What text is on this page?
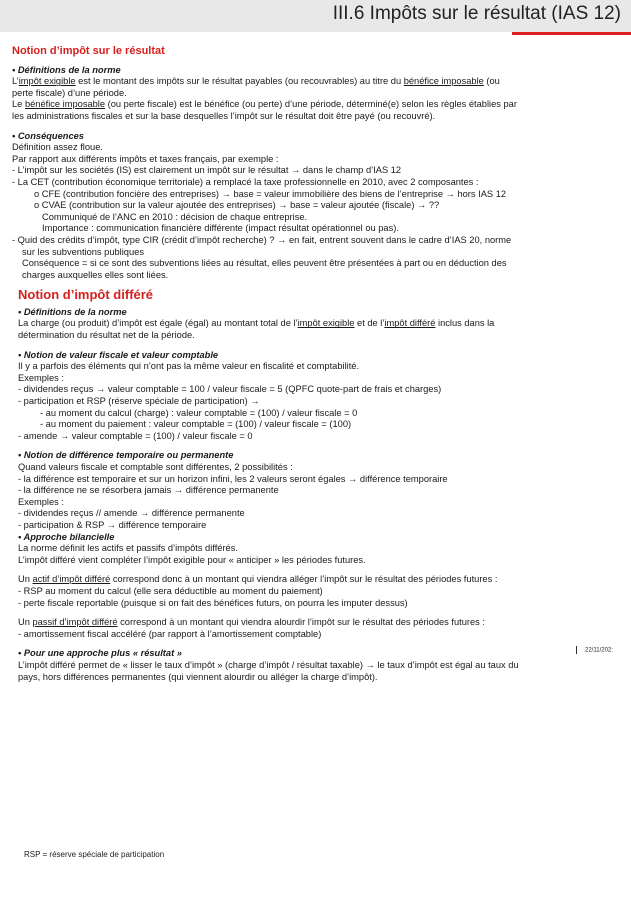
III.6 Impôts sur le résultat (IAS 12)
Notion d’impôt sur le résultat
• Définitions de la norme
L’impôt exigible est le montant des impôts sur le résultat payables (ou recouvrables) au titre du bénéfice imposable (ou
perte fiscale) d’une période.
Le bénéfice imposable (ou perte fiscale) est le bénéfice (ou perte) d’une période, déterminé(e) selon les règles établies par
les administrations fiscales et sur la base desquelles l’impôt sur le résultat doit être payé (ou recouvré).
• Conséquences
Définition assez floue.
Par rapport aux différents impôts et taxes français, par exemple :
- L’impôt sur les sociétés (IS) est clairement un impôt sur le résultat → dans le champ d’IAS 12
- La CET (contribution économique territoriale) a remplacé la taxe professionnelle en 2010, avec 2 composantes :
o CFE (contribution foncière des entreprises) → base = valeur immobilière des biens de l’entreprise → hors IAS 12
o CVAE (contribution sur la valeur ajoutée des entreprises) → base = valeur ajoutée (fiscale) → ??
Communiqué de l’ANC en 2010 : décision de chaque entreprise.
Importance : communication financière différente (impact résultat opérationnel ou pas).
- Quid des crédits d’impôt, type CIR (crédit d’impôt recherche) ? → en fait, entrent souvent dans le cadre d’IAS 20, norme
sur les subventions publiques
Conséquence = si ce sont des subventions liées au résultat, elles peuvent être présentées à part ou en déduction des
charges auxquelles elles sont liées.
Notion d’impôt différé
• Définitions de la norme
La charge (ou produit) d’impôt est égale (égal) au montant total de l’impôt exigible et de l’impôt différé inclus dans la
détermination du résultat net de la période.
• Notion de valeur fiscale et valeur comptable
Il y a parfois des éléments qui n’ont pas la même valeur en fiscalité et comptabilité.
Exemples :
- dividendes reçus → valeur comptable = 100 / valeur fiscale = 5 (QPFC quote-part de frais et charges)
- participation et RSP (réserve spéciale de participation) →
- au moment du calcul (charge) : valeur comptable = (100) / valeur fiscale = 0
- au moment du paiement : valeur comptable = (100) / valeur fiscale = (100)
- amende → valeur comptable = (100) / valeur fiscale = 0
• Notion de différence temporaire ou permanente
Quand valeurs fiscale et comptable sont différentes, 2 possibilités :
- la différence est temporaire et sur un horizon infini, les 2 valeurs seront égales → différence temporaire
- la différence ne se résorbera jamais → différence permanente
Exemples :
- dividendes reçus // amende → différence permanente
- participation & RSP → différence temporaire
• Approche bilancielle
La norme définit les actifs et passifs d’impôts différés.
L’impôt différé vient compléter l’impôt exigible pour « anticiper » les périodes futures.
Un actif d’impôt différé correspond donc à un montant qui viendra alléger l’impôt sur le résultat des périodes futures :
- RSP au moment du calcul (elle sera déductible au moment du paiement)
- perte fiscale reportable (puisque si on fait des bénéfices futurs, on pourra les imputer dessus)
Un passif d’impôt différé correspond à un montant qui viendra alourdir l’impôt sur le résultat des périodes futures :
- amortissement fiscal accéléré (par rapport à l’amortissement comptable)
• Pour une approche plus « résultat »
L’impôt différé permet de « lisser le taux d’impôt » (charge d’impôt / résultat taxable) → le taux d’impôt est égal au taux du
pays, hors différences permanentes (qui viennent alourdir ou alléger la charge d’impôt).
22/11/202:
RSP = réserve spéciale de participation
